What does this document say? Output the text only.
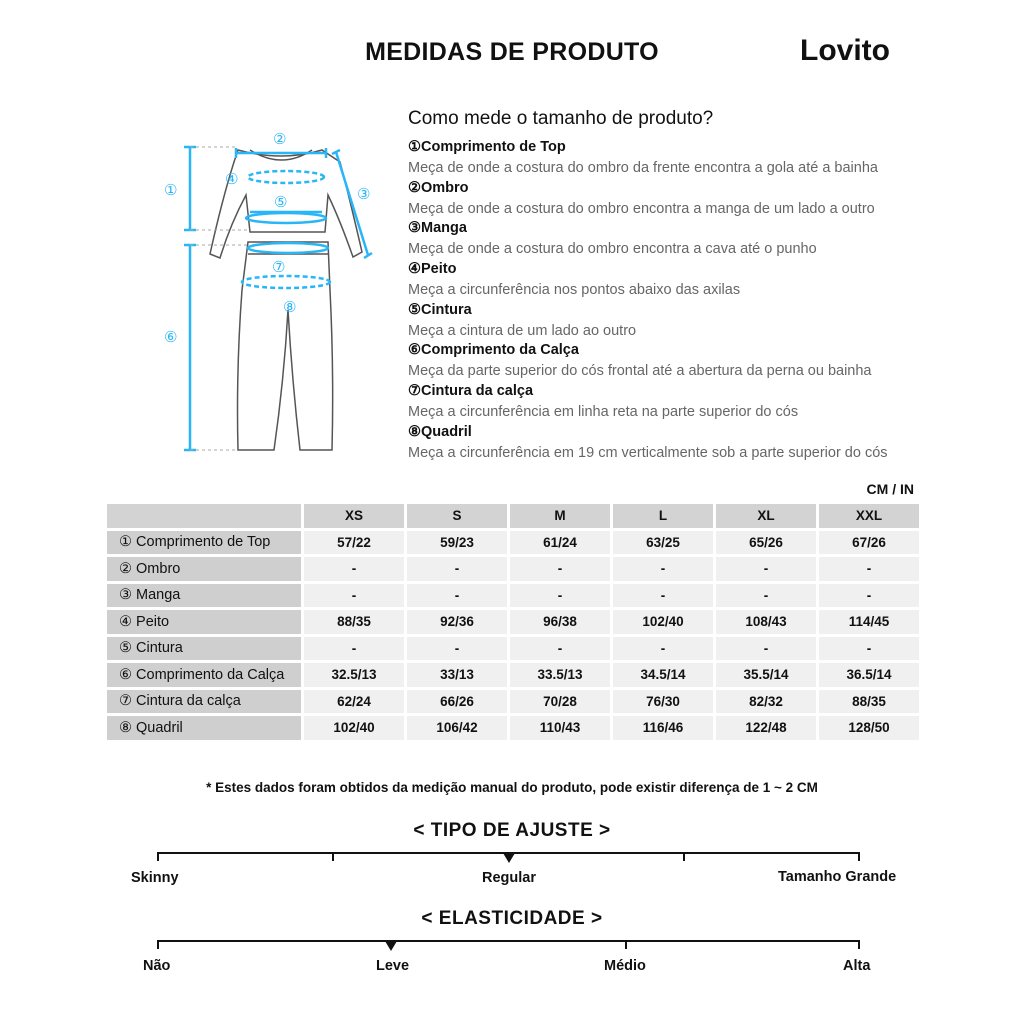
MEDIDAS DE PRODUTO	Lovito
①
②
③
④
⑤
⑥
⑦
⑧
Como mede o tamanho de produto?
①Comprimento de Top
Meça de onde a costura do ombro da frente encontra a gola até a bainha
②Ombro
Meça de onde a costura do ombro encontra a manga de um lado a outro
③Manga
Meça de onde a costura do ombro encontra a cava até o punho
④Peito
Meça a circunferência nos pontos abaixo das axilas
⑤Cintura
Meça a cintura de um lado ao outro
⑥Comprimento da Calça
Meça da parte superior do cós frontal até a abertura da perna ou bainha
⑦Cintura da calça
Meça a circunferência em linha reta na parte superior do cós
⑧Quadril
Meça a circunferência em 19 cm verticalmente sob a parte superior do cós
CM / IN
	XS	S	M	L	XL	XXL
① Comprimento de Top	57/22	59/23	61/24	63/25	65/26	67/26
② Ombro	-	-	-	-	-	-
③ Manga	-	-	-	-	-	-
④ Peito	88/35	92/36	96/38	102/40	108/43	114/45
⑤ Cintura	-	-	-	-	-	-
⑥ Comprimento da Calça	32.5/13	33/13	33.5/13	34.5/14	35.5/14	36.5/14
⑦ Cintura da calça	62/24	66/26	70/28	76/30	82/32	88/35
⑧ Quadril	102/40	106/42	110/43	116/46	122/48	128/50
* Estes dados foram obtidos da medição manual do produto, pode existir diferença de 1 ~ 2 CM
< TIPO DE AJUSTE >
Skinny	Regular	Tamanho Grande
< ELASTICIDADE >
Não	Leve	Médio	Alta
